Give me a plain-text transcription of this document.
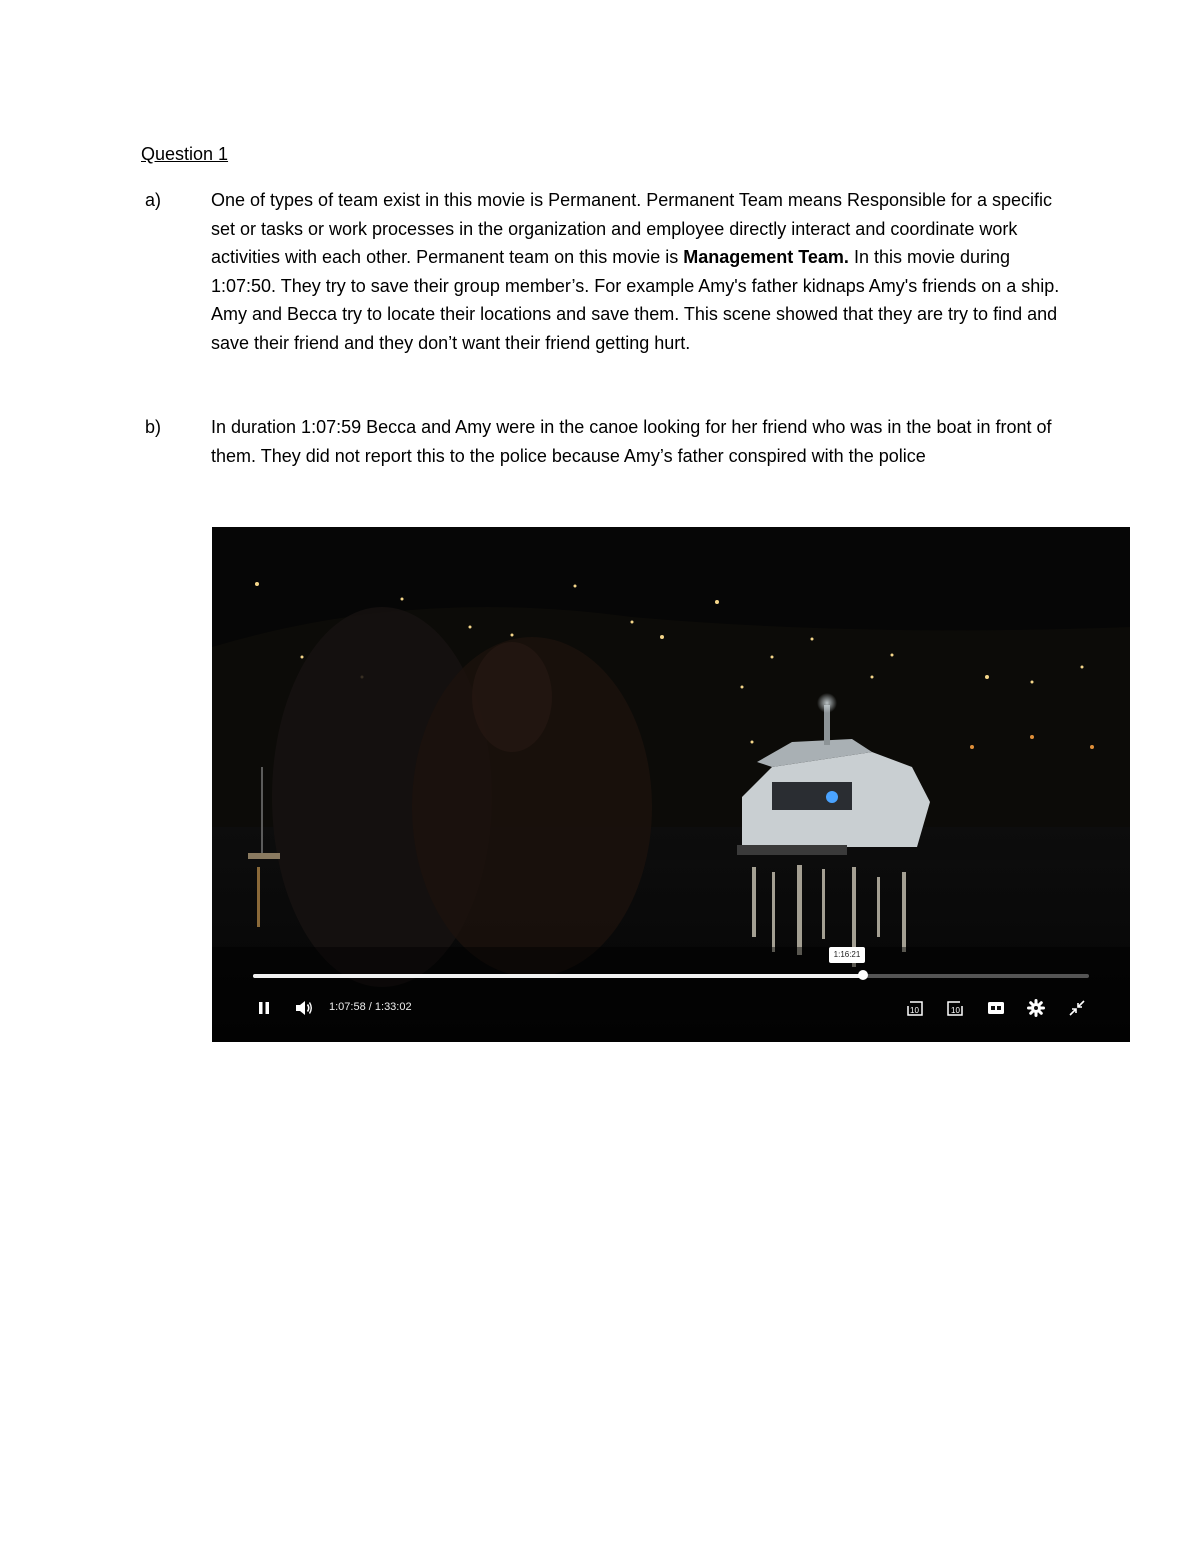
Question 1
a)	One of types of team exist in this movie is Permanent. Permanent Team means Responsible for a specific set or tasks or work processes in the organization and employee directly interact and coordinate work activities with each other. Permanent team on this movie is Management Team. In this movie during 1:07:50. They try to save their group member’s. For example Amy's father kidnaps Amy's friends on a ship. Amy and Becca try to locate their locations and save them. This scene showed that they are try to find and save their friend and they don’t want their friend getting hurt.
b)	In duration 1:07:59 Becca and Amy were in the canoe looking for her friend who was in the boat in front of them. They did not report this to the police because Amy’s father conspired with the police
1:16:21
1:07:58 / 1:33:02	10	10
